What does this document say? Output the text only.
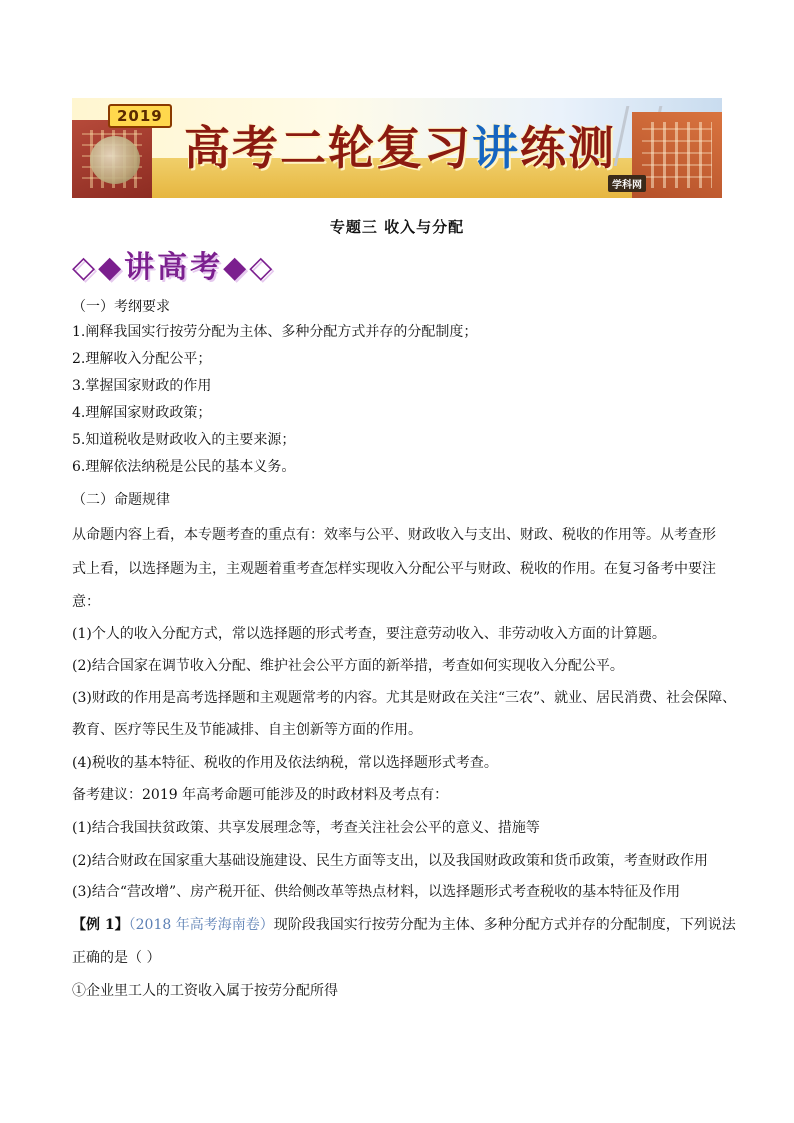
2019
高考二轮复习讲练测
学科网
专题三 收入与分配
◇◆讲高考◆◇
（一）考纲要求
1.阐释我国实行按劳分配为主体、多种分配方式并存的分配制度；
2.理解收入分配公平；
3.掌握国家财政的作用
4.理解国家财政政策；
5.知道税收是财政收入的主要来源；
6.理解依法纳税是公民的基本义务。
（二）命题规律
从命题内容上看，本专题考查的重点有：效率与公平、财政收入与支出、财政、税收的作用等。从考查形
式上看，以选择题为主，主观题着重考查怎样实现收入分配公平与财政、税收的作用。在复习备考中要注
意：
(1)个人的收入分配方式，常以选择题的形式考查，要注意劳动收入、非劳动收入方面的计算题。
(2)结合国家在调节收入分配、维护社会公平方面的新举措，考查如何实现收入分配公平。
(3)财政的作用是高考选择题和主观题常考的内容。尤其是财政在关注“三农”、就业、居民消费、社会保障、
教育、医疗等民生及节能减排、自主创新等方面的作用。
(4)税收的基本特征、税收的作用及依法纳税，常以选择题形式考查。
备考建议：2019 年高考命题可能涉及的时政材料及考点有：
(1)结合我国扶贫政策、共享发展理念等，考查关注社会公平的意义、措施等
(2)结合财政在国家重大基础设施建设、民生方面等支出，以及我国财政政策和货币政策，考查财政作用
(3)结合“营改增”、房产税开征、供给侧改革等热点材料，以选择题形式考查税收的基本特征及作用
【例 1】（2018 年高考海南卷）现阶段我国实行按劳分配为主体、多种分配方式并存的分配制度，下列说法
正确的是（ ）
①企业里工人的工资收入属于按劳分配所得
